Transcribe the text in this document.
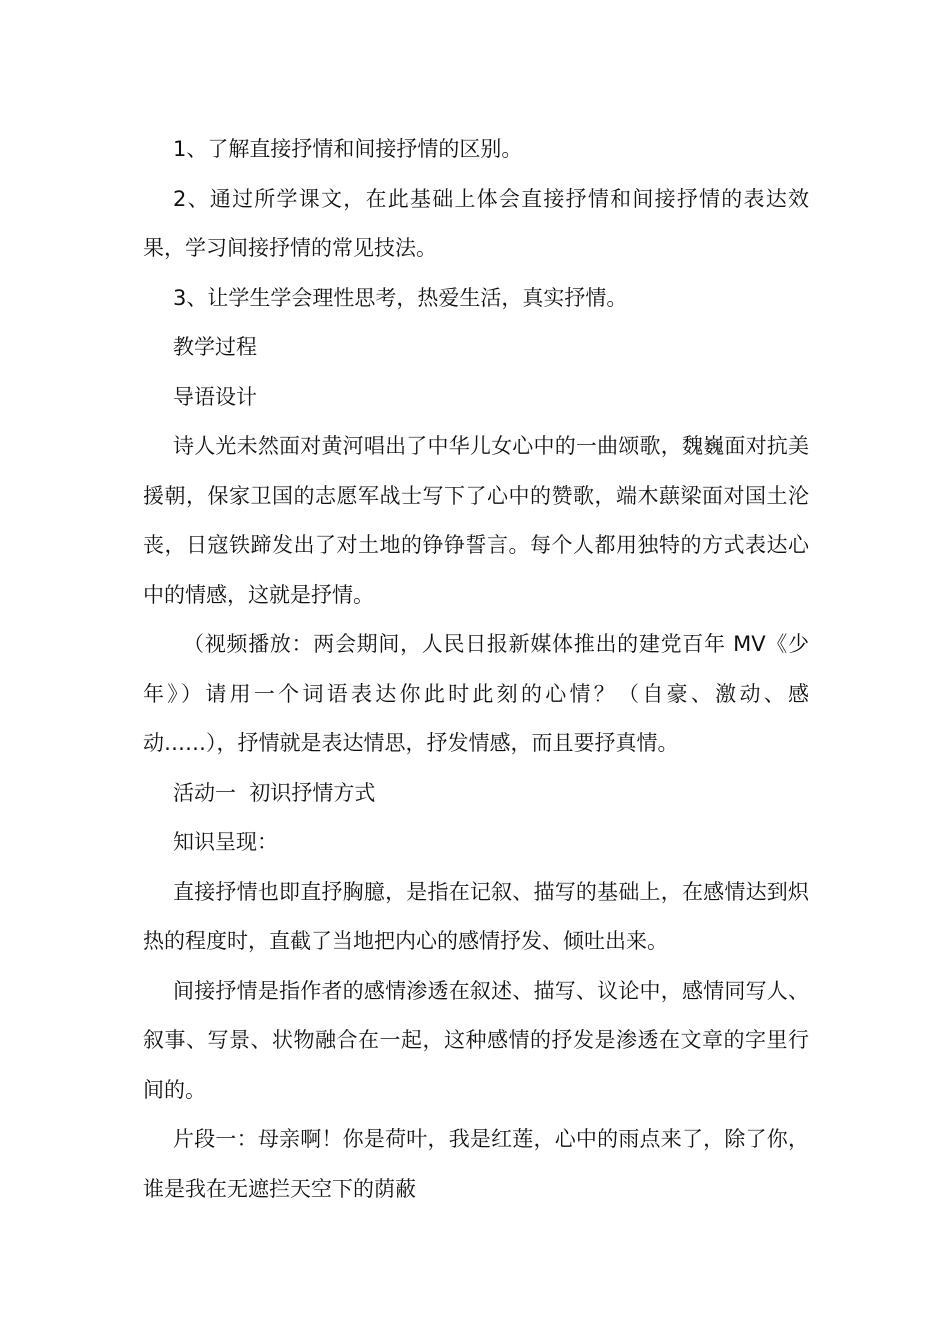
1、了解直接抒情和间接抒情的区别。

2、通过所学课文，在此基础上体会直接抒情和间接抒情的表达效果，学习间接抒情的常见技法。

3、让学生学会理性思考，热爱生活，真实抒情。

教学过程

导语设计

诗人光未然面对黄河唱出了中华儿女心中的一曲颂歌，魏巍面对抗美援朝，保家卫国的志愿军战士写下了心中的赞歌，端木蕻梁面对国土沦丧，日寇铁蹄发出了对土地的铮铮誓言。每个人都用独特的方式表达心中的情感，这就是抒情。

（视频播放：两会期间，人民日报新媒体推出的建党百年 MV《少年》）请用一个词语表达你此时此刻的心情？（自豪、激动、感动……），抒情就是表达情思，抒发情感，而且要抒真情。

活动一  初识抒情方式

知识呈现：

直接抒情也即直抒胸臆，是指在记叙、描写的基础上，在感情达到炽热的程度时，直截了当地把内心的感情抒发、倾吐出来。

间接抒情是指作者的感情渗透在叙述、描写、议论中，感情同写人、叙事、写景、状物融合在一起，这种感情的抒发是渗透在文章的字里行间的。

片段一：母亲啊！你是荷叶，我是红莲，心中的雨点来了，除了你，谁是我在无遮拦天空下的荫蔽
